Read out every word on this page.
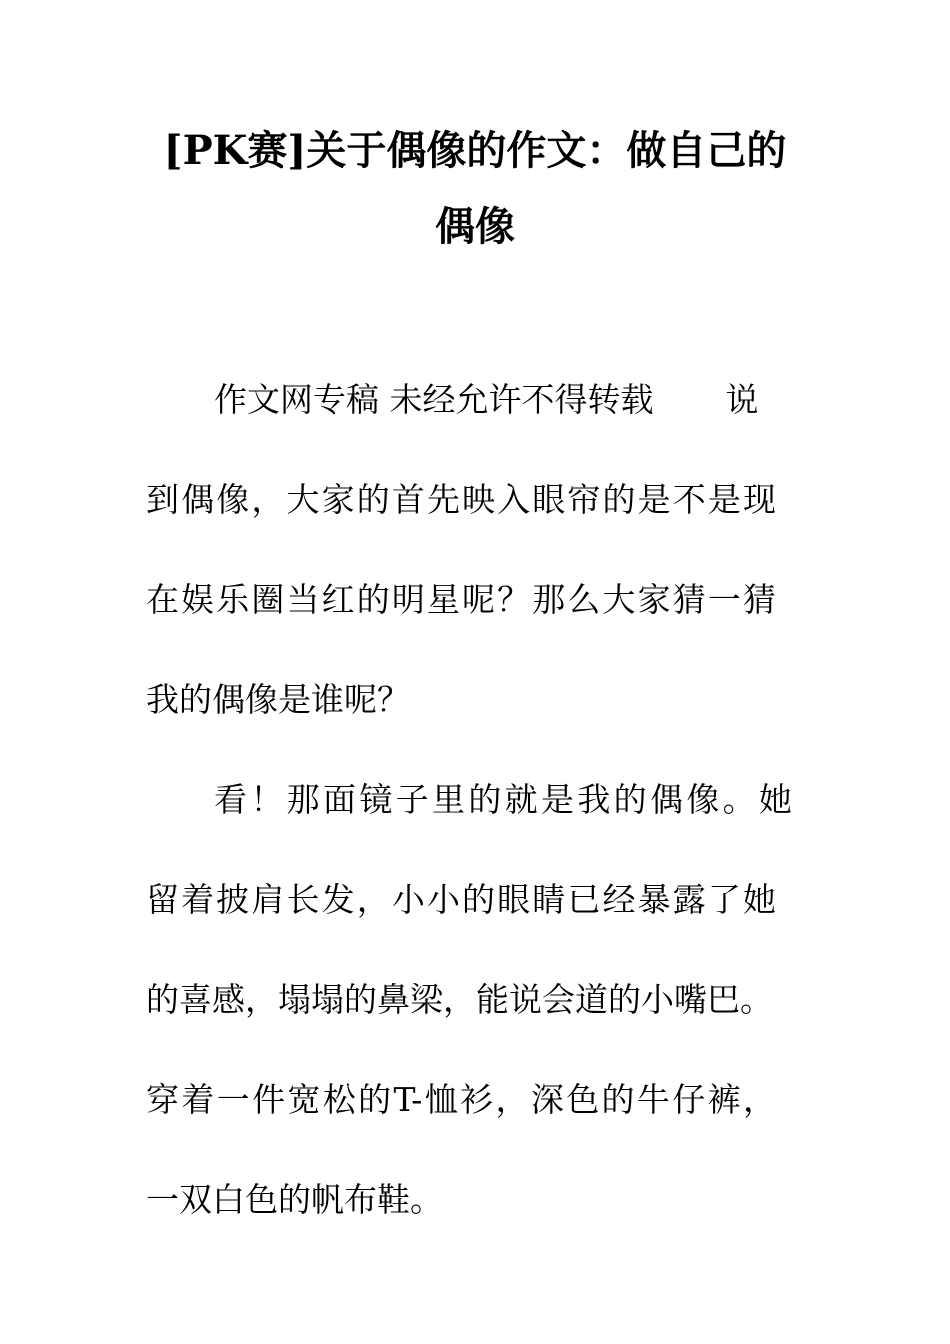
[PK赛]关于偶像的作文：做自己的
偶像

作文网专稿 未经允许不得转载 说

到偶像，大家的首先映入眼帘的是不是现

在娱乐圈当红的明星呢？那么大家猜一猜

我的偶像是谁呢？

看！那面镜子里的就是我的偶像。她

留着披肩长发，小小的眼睛已经暴露了她

的喜感，塌塌的鼻梁，能说会道的小嘴巴。

穿着一件宽松的T-恤衫，深色的牛仔裤，

一双白色的帆布鞋。
